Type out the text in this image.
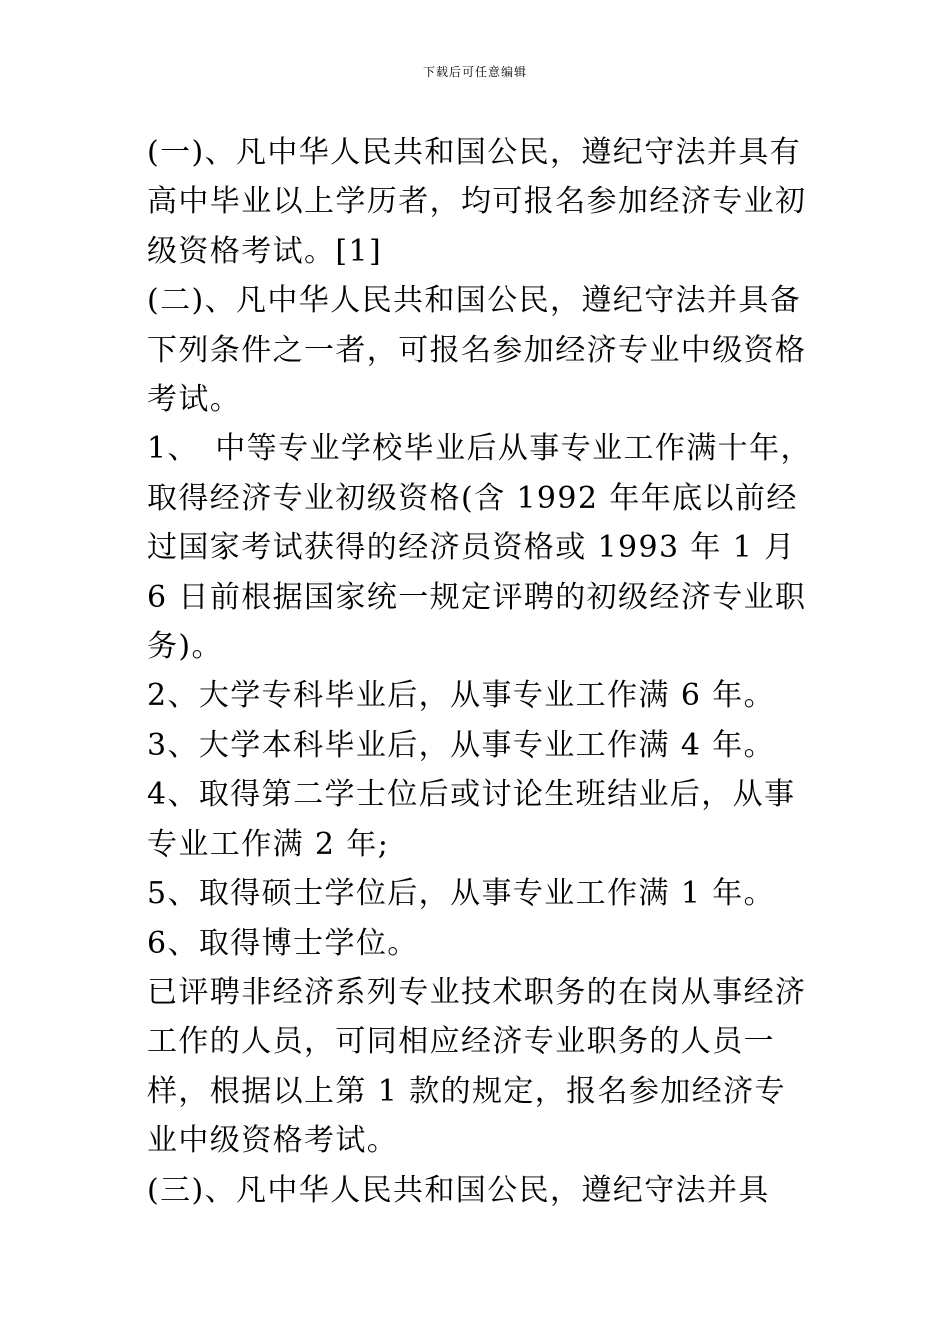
下载后可任意编辑

(一)、凡中华人民共和国公民，遵纪守法并具有高中毕业以上学历者，均可报名参加经济专业初级资格考试。[1]

(二)、凡中华人民共和国公民，遵纪守法并具备下列条件之一者，可报名参加经济专业中级资格考试。

1、　中等专业学校毕业后从事专业工作满十年，取得经济专业初级资格(含 1992 年年底以前经过国家考试获得的经济员资格或 1993 年 1 月 6 日前根据国家统一规定评聘的初级经济专业职务)。

2、大学专科毕业后，从事专业工作满 6 年。

3、大学本科毕业后，从事专业工作满 4 年。

4、取得第二学士位后或讨论生班结业后，从事专业工作满 2 年;

5、取得硕士学位后，从事专业工作满 1 年。

6、取得博士学位。

已评聘非经济系列专业技术职务的在岗从事经济工作的人员，可同相应经济专业职务的人员一样，根据以上第 1 款的规定，报名参加经济专业中级资格考试。

(三)、凡中华人民共和国公民，遵纪守法并具
